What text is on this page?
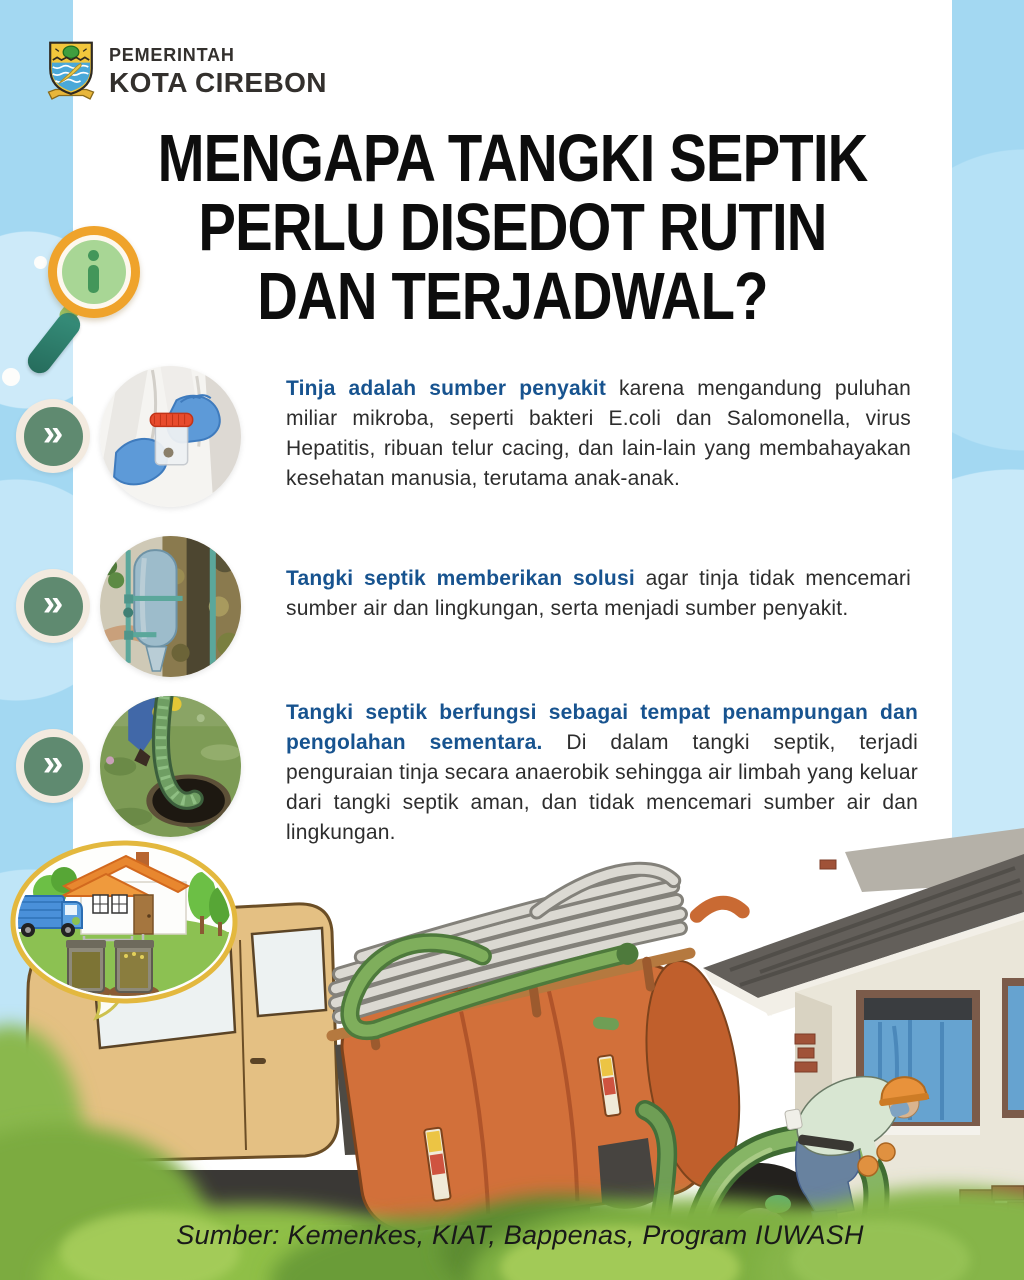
PEMERINTAH
KOTA CIREBON
MENGAPA TANGKI SEPTIK
PERLU DISEDOT RUTIN
DAN TERJADWAL?
»
Tinja adalah sumber penyakit karena mengandung puluhan miliar mikroba, seperti bakteri E.coli dan Salomonella, virus Hepatitis, ribuan telur cacing, dan lain-lain yang membahayakan kesehatan manusia, terutama anak-anak.
»
Tangki septik memberikan solusi agar tinja tidak mencemari sumber air dan lingkungan, serta menjadi sumber penyakit.
»
Tangki septik berfungsi sebagai tempat penampungan dan pengolahan sementara. Di dalam tangki septik, terjadi penguraian tinja secara anaerobik sehingga air limbah yang keluar dari tangki septik aman, dan tidak mencemari sumber air dan lingkungan.
Sumber: Kemenkes, KIAT, Bappenas, Program IUWASH
